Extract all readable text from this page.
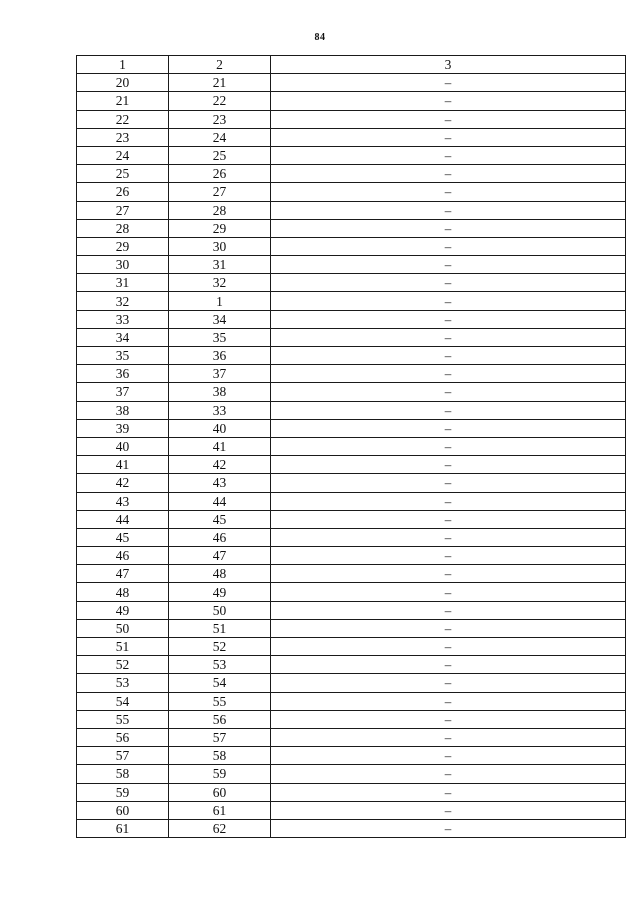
84
1	2	3
20	21	–
21	22	–
22	23	–
23	24	–
24	25	–
25	26	–
26	27	–
27	28	–
28	29	–
29	30	–
30	31	–
31	32	–
32	1	–
33	34	–
34	35	–
35	36	–
36	37	–
37	38	–
38	33	–
39	40	–
40	41	–
41	42	–
42	43	–
43	44	–
44	45	–
45	46	–
46	47	–
47	48	–
48	49	–
49	50	–
50	51	–
51	52	–
52	53	–
53	54	–
54	55	–
55	56	–
56	57	–
57	58	–
58	59	–
59	60	–
60	61	–
61	62	–
